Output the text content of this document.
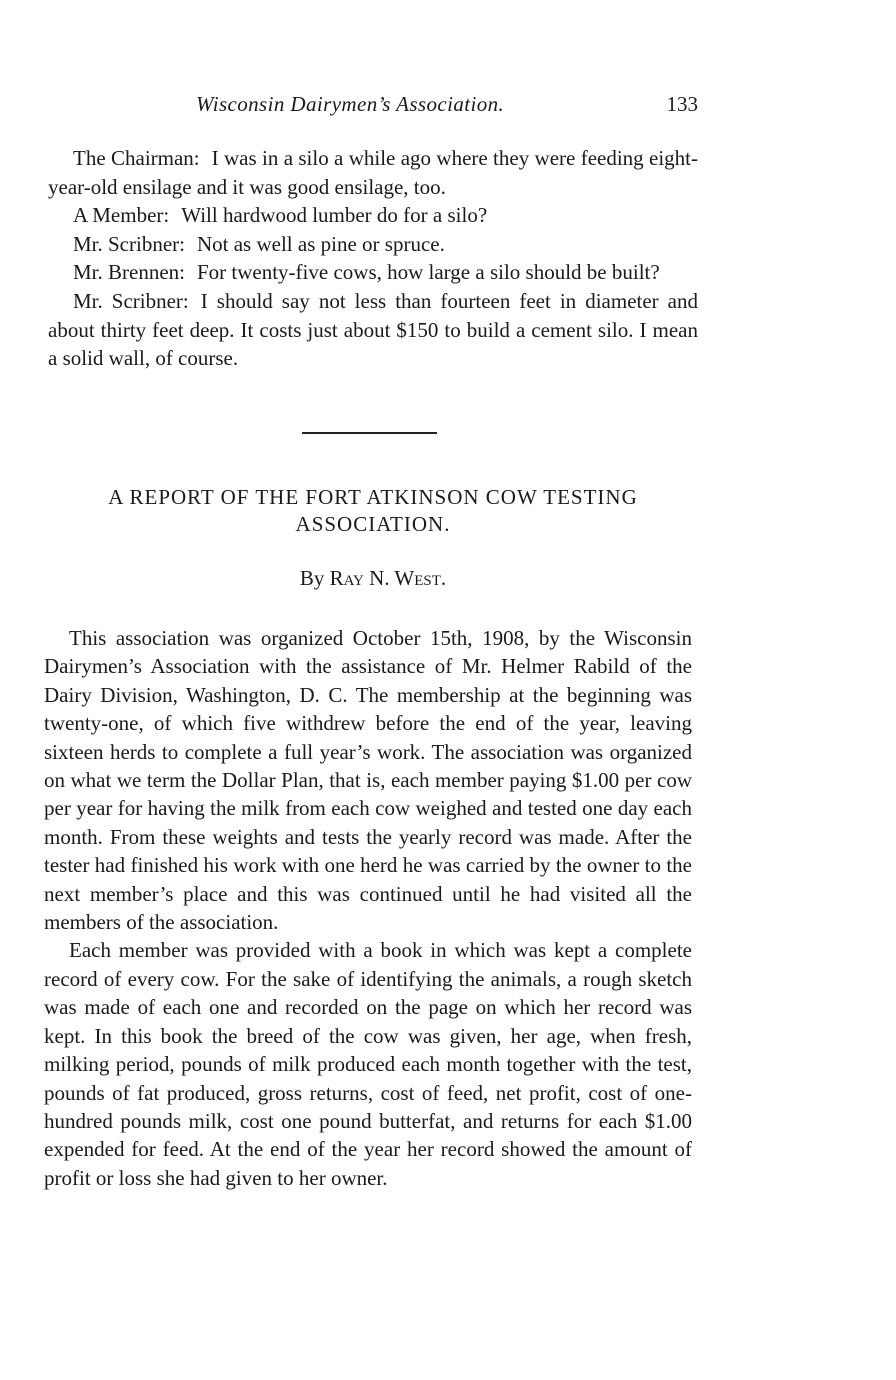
Wisconsin Dairymen’s Association.	133

The Chairman: I was in a silo a while ago where they were feeding eight-year-old ensilage and it was good ensilage, too.

A Member: Will hardwood lumber do for a silo?

Mr. Scribner: Not as well as pine or spruce.

Mr. Brennen: For twenty-five cows, how large a silo should be built?

Mr. Scribner: I should say not less than fourteen feet in diameter and about thirty feet deep. It costs just about $150 to build a cement silo. I mean a solid wall, of course.

A REPORT OF THE FORT ATKINSON COW TESTING
ASSOCIATION.
By Ray N. West.

This association was organized October 15th, 1908, by the Wisconsin Dairymen’s Association with the assistance of Mr. Helmer Rabild of the Dairy Division, Washington, D. C. The membership at the beginning was twenty-one, of which five withdrew before the end of the year, leaving sixteen herds to complete a full year’s work. The association was organized on what we term the Dollar Plan, that is, each member paying $1.00 per cow per year for having the milk from each cow weighed and tested one day each month. From these weights and tests the yearly record was made. After the tester had finished his work with one herd he was carried by the owner to the next member’s place and this was continued until he had visited all the members of the association.

Each member was provided with a book in which was kept a complete record of every cow. For the sake of identifying the animals, a rough sketch was made of each one and recorded on the page on which her record was kept. In this book the breed of the cow was given, her age, when fresh, milking period, pounds of milk produced each month together with the test, pounds of fat produced, gross returns, cost of feed, net profit, cost of one-hundred pounds milk, cost one pound butterfat, and returns for each $1.00 expended for feed. At the end of the year her record showed the amount of profit or loss she had given to her owner.
